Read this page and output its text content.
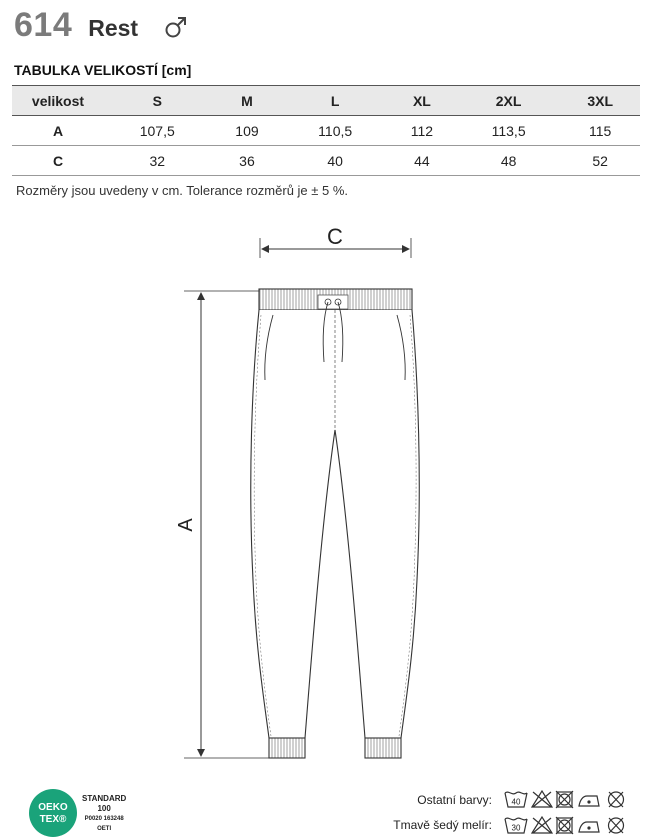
614 Rest
TABULKA VELIKOSTÍ [cm]
velikost	S	M	L	XL	2XL	3XL
A	107,5	109	110,5	112	113,5	115
C	32	36	40	44	48	52
Rozměry jsou uvedeny v cm. Tolerance rozměrů je ± 5 %.
C
A
OEKO
TEX®
STANDARD
100
P0020 163248
OETI
Ostatní barvy:
Tmavě šedý melír:
40
30
